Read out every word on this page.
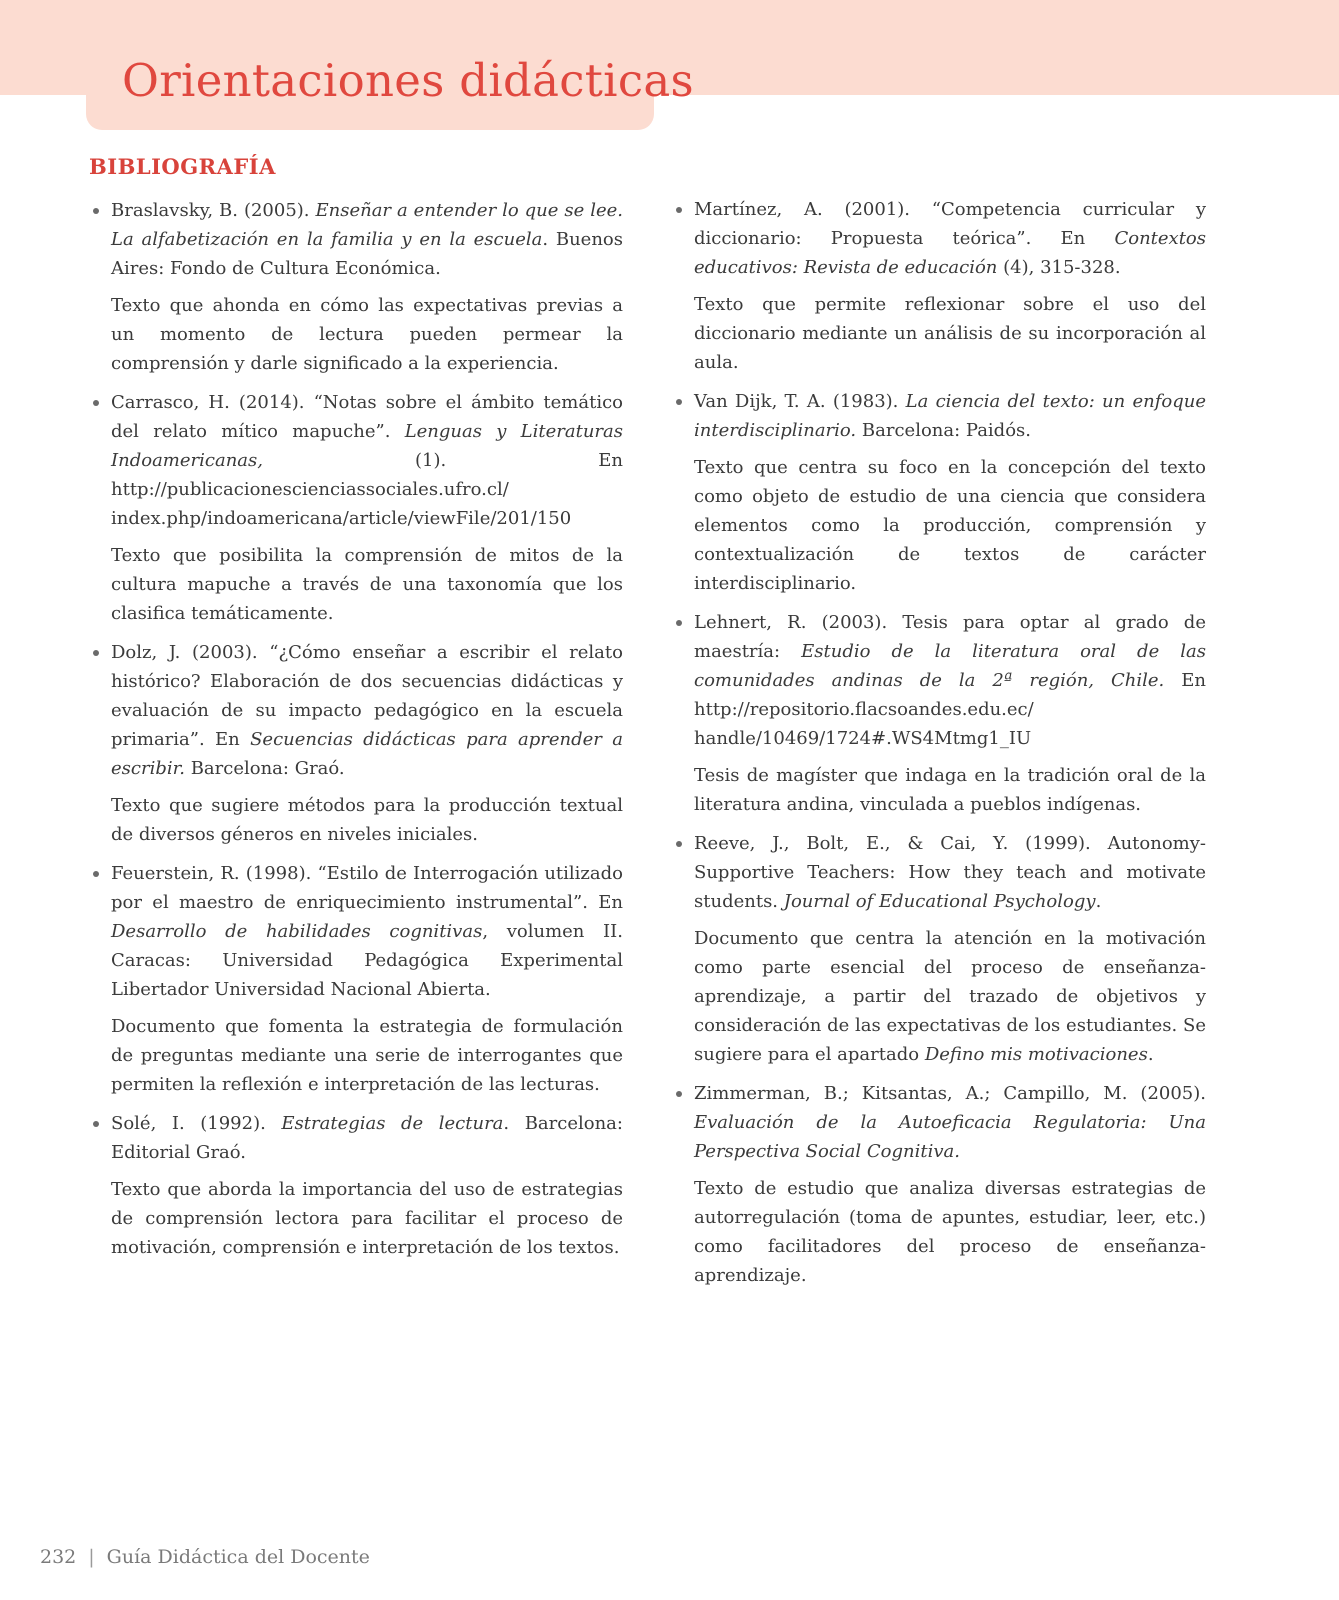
Orientaciones didácticas
BIBLIOGRAFÍA

Braslavsky, B. (2005). Enseñar a entender lo que se lee. La alfabetización en la familia y en la escuela. Buenos Aires: Fondo de Cultura Económica.

Texto que ahonda en cómo las expectativas previas a un momento de lectura pueden permear la comprensión y darle significado a la experiencia.

Carrasco, H. (2014). “Notas sobre el ámbito temático del relato mítico mapuche”. Lenguas y Literaturas Indoamericanas, (1). En http://publicacionescienciassociales.ufro.cl/ index.php/indoamericana/article/viewFile/201/150

Texto que posibilita la comprensión de mitos de la cultura mapuche a través de una taxonomía que los clasifica temáticamente.

Dolz, J. (2003). “¿Cómo enseñar a escribir el relato histórico? Elaboración de dos secuencias didácticas y evaluación de su impacto pedagógico en la escuela primaria”. En Secuencias didácticas para aprender a escribir. Barcelona: Graó.

Texto que sugiere métodos para la producción textual de diversos géneros en niveles iniciales.

Feuerstein, R. (1998). “Estilo de Interrogación utilizado por el maestro de enriquecimiento instrumental”. En Desarrollo de habilidades cognitivas, volumen II. Caracas: Universidad Pedagógica Experimental Libertador Universidad Nacional Abierta.

Documento que fomenta la estrategia de formulación de preguntas mediante una serie de interrogantes que permiten la reflexión e interpretación de las lecturas.

Solé, I. (1992). Estrategias de lectura. Barcelona: Editorial Graó.

Texto que aborda la importancia del uso de estrategias de comprensión lectora para facilitar el proceso de motivación, comprensión e interpretación de los textos.

Martínez, A. (2001). “Competencia curricular y diccionario: Propuesta teórica”. En Contextos educativos: Revista de educación (4), 315-328.

Texto que permite reflexionar sobre el uso del diccionario mediante un análisis de su incorporación al aula.

Van Dijk, T. A. (1983). La ciencia del texto: un enfoque interdisciplinario. Barcelona: Paidós.

Texto que centra su foco en la concepción del texto como objeto de estudio de una ciencia que considera elementos como la producción, comprensión y contextualización de textos de carácter interdisciplinario.

Lehnert, R. (2003). Tesis para optar al grado de maestría: Estudio de la literatura oral de las comunidades andinas de la 2ª región, Chile. En http://repositorio.flacsoandes.edu.ec/ handle/10469/1724#.WS4Mtmg1_IU

Tesis de magíster que indaga en la tradición oral de la literatura andina, vinculada a pueblos indígenas.

Reeve, J., Bolt, E., & Cai, Y. (1999). Autonomy-Supportive Teachers: How they teach and motivate students. Journal of Educational Psychology.

Documento que centra la atención en la motivación como parte esencial del proceso de enseñanza-aprendizaje, a partir del trazado de objetivos y consideración de las expectativas de los estudiantes. Se sugiere para el apartado Defino mis motivaciones.

Zimmerman, B.; Kitsantas, A.; Campillo, M. (2005). Evaluación de la Autoeficacia Regulatoria: Una Perspectiva Social Cognitiva.

Texto de estudio que analiza diversas estrategias de autorregulación (toma de apuntes, estudiar, leer, etc.) como facilitadores del proceso de enseñanza-aprendizaje.

232 | Guía Didáctica del Docente
